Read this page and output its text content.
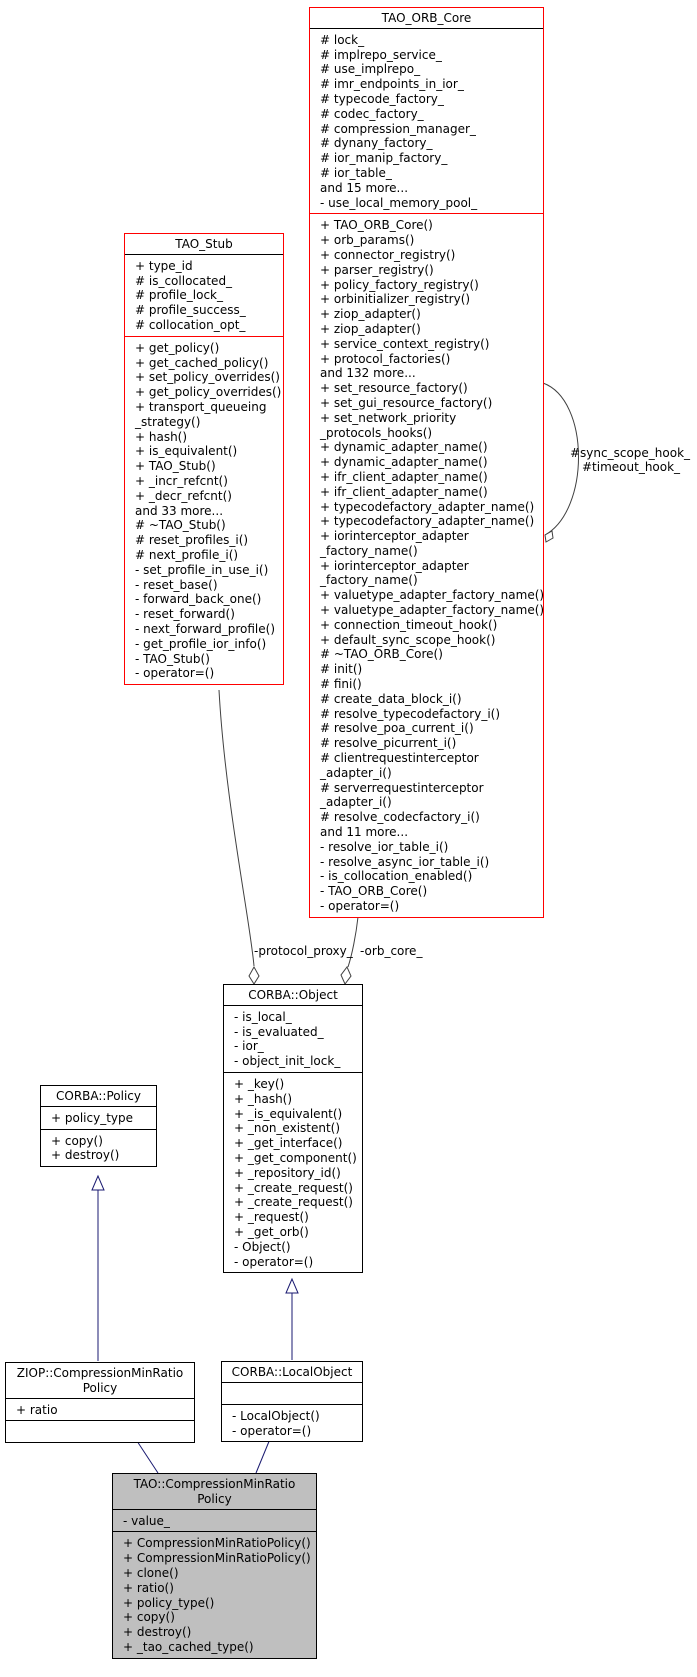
TAO_ORB_Core
# lock_
# implrepo_service_
# use_implrepo_
# imr_endpoints_in_ior_
# typecode_factory_
# codec_factory_
# compression_manager_
# dynany_factory_
# ior_manip_factory_
# ior_table_
and 15 more...
- use_local_memory_pool_
+ TAO_ORB_Core()
+ orb_params()
+ connector_registry()
+ parser_registry()
+ policy_factory_registry()
+ orbinitializer_registry()
+ ziop_adapter()
+ ziop_adapter()
+ service_context_registry()
+ protocol_factories()
and 132 more...
+ set_resource_factory()
+ set_gui_resource_factory()
+ set_network_priority
_protocols_hooks()
+ dynamic_adapter_name()
+ dynamic_adapter_name()
+ ifr_client_adapter_name()
+ ifr_client_adapter_name()
+ typecodefactory_adapter_name()
+ typecodefactory_adapter_name()
+ iorinterceptor_adapter
_factory_name()
+ iorinterceptor_adapter
_factory_name()
+ valuetype_adapter_factory_name()
+ valuetype_adapter_factory_name()
+ connection_timeout_hook()
+ default_sync_scope_hook()
# ~TAO_ORB_Core()
# init()
# fini()
# create_data_block_i()
# resolve_typecodefactory_i()
# resolve_poa_current_i()
# resolve_picurrent_i()
# clientrequestinterceptor
_adapter_i()
# serverrequestinterceptor
_adapter_i()
# resolve_codecfactory_i()
and 11 more...
- resolve_ior_table_i()
- resolve_async_ior_table_i()
- is_collocation_enabled()
- TAO_ORB_Core()
- operator=()
TAO_Stub
+ type_id
# is_collocated_
# profile_lock_
# profile_success_
# collocation_opt_
+ get_policy()
+ get_cached_policy()
+ set_policy_overrides()
+ get_policy_overrides()
+ transport_queueing
_strategy()
+ hash()
+ is_equivalent()
+ TAO_Stub()
+ _incr_refcnt()
+ _decr_refcnt()
and 33 more...
# ~TAO_Stub()
# reset_profiles_i()
# next_profile_i()
- set_profile_in_use_i()
- reset_base()
- forward_back_one()
- reset_forward()
- next_forward_profile()
- get_profile_ior_info()
- TAO_Stub()
- operator=()
CORBA::Object
- is_local_
- is_evaluated_
- ior_
- object_init_lock_
+ _key()
+ _hash()
+ _is_equivalent()
+ _non_existent()
+ _get_interface()
+ _get_component()
+ _repository_id()
+ _create_request()
+ _create_request()
+ _request()
+ _get_orb()
- Object()
- operator=()
CORBA::Policy
+ policy_type
+ copy()
+ destroy()
ZIOP::CompressionMinRatio
Policy
+ ratio
CORBA::LocalObject
- LocalObject()
- operator=()
TAO::CompressionMinRatio
Policy
- value_
+ CompressionMinRatioPolicy()
+ CompressionMinRatioPolicy()
+ clone()
+ ratio()
+ policy_type()
+ copy()
+ destroy()
+ _tao_cached_type()
#sync_scope_hook_
#timeout_hook_
-protocol_proxy_ -orb_core_
